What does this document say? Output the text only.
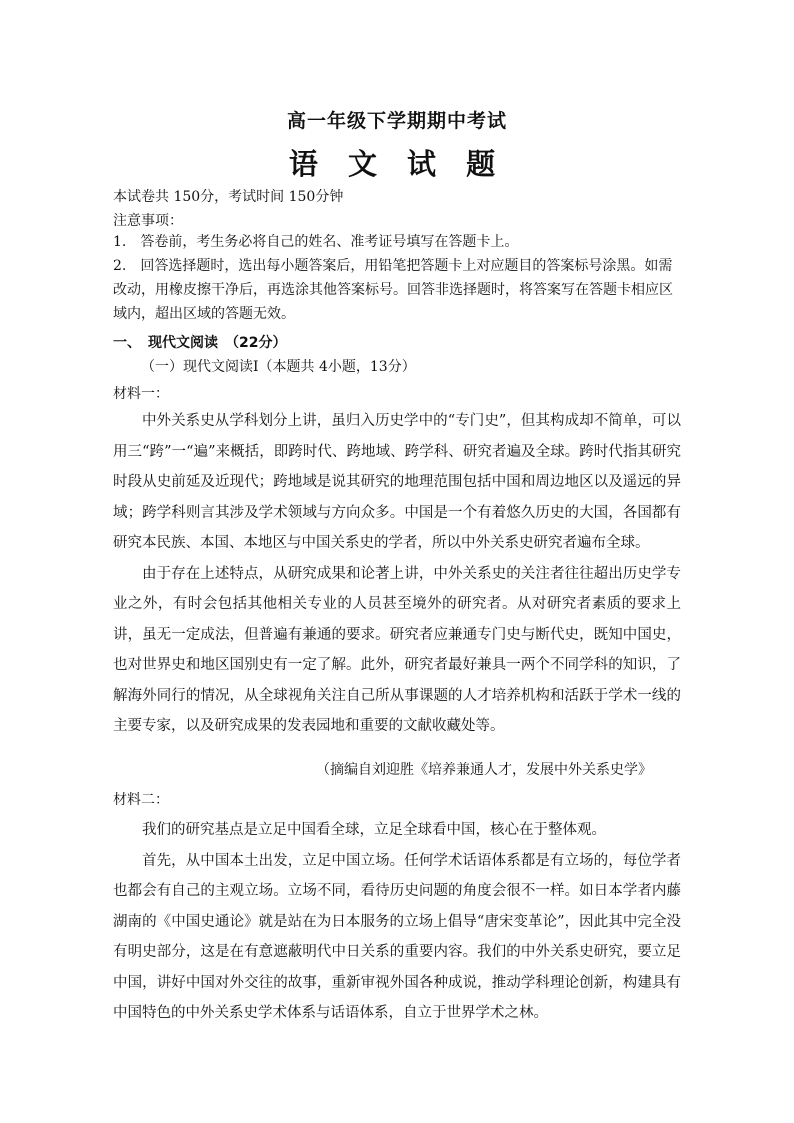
高一年级下学期期中考试
语 文 试 题
本试卷共 150分，考试时间 150分钟
注意事项：

1.　答卷前，考生务必将自己的姓名、准考证号填写在答题卡上。

2.　回答选择题时，选出每小题答案后，用铅笔把答题卡上对应题目的答案标号涂黑。如需改动，用橡皮擦干净后，再选涂其他答案标号。回答非选择题时，将答案写在答题卡相应区域内，超出区域的答题无效。

一、　现代文阅读　（22分）
（一）现代文阅读Ⅰ（本题共 4小题，13分）
材料一：

中外关系史从学科划分上讲，虽归入历史学中的“专门史”，但其构成却不简单，可以用三“跨”一“遍”来概括，即跨时代、跨地域、跨学科、研究者遍及全球。跨时代指其研究时段从史前延及近现代；跨地域是说其研究的地理范围包括中国和周边地区以及遥远的异域；跨学科则言其涉及学术领域与方向众多。中国是一个有着悠久历史的大国，各国都有研究本民族、本国、本地区与中国关系史的学者，所以中外关系史研究者遍布全球。

由于存在上述特点，从研究成果和论著上讲，中外关系史的关注者往往超出历史学专业之外，有时会包括其他相关专业的人员甚至境外的研究者。从对研究者素质的要求上讲，虽无一定成法，但普遍有兼通的要求。研究者应兼通专门史与断代史，既知中国史，也对世界史和地区国别史有一定了解。此外，研究者最好兼具一两个不同学科的知识，了解海外同行的情况，从全球视角关注自己所从事课题的人才培养机构和活跃于学术一线的主要专家，以及研究成果的发表园地和重要的文献收藏处等。

（摘编自刘迎胜《培养兼通人才，发展中外关系史学》
材料二：

我们的研究基点是立足中国看全球，立足全球看中国，核心在于整体观。

首先，从中国本土出发，立足中国立场。任何学术话语体系都是有立场的，每位学者也都会有自己的主观立场。立场不同，看待历史问题的角度会很不一样。如日本学者内藤湖南的《中国史通论》就是站在为日本服务的立场上倡导“唐宋变革论”，因此其中完全没有明史部分，这是在有意遮蔽明代中日关系的重要内容。我们的中外关系史研究，要立足中国，讲好中国对外交往的故事，重新审视外国各种成说，推动学科理论创新，构建具有中国特色的中外关系史学术体系与话语体系，自立于世界学术之林。
